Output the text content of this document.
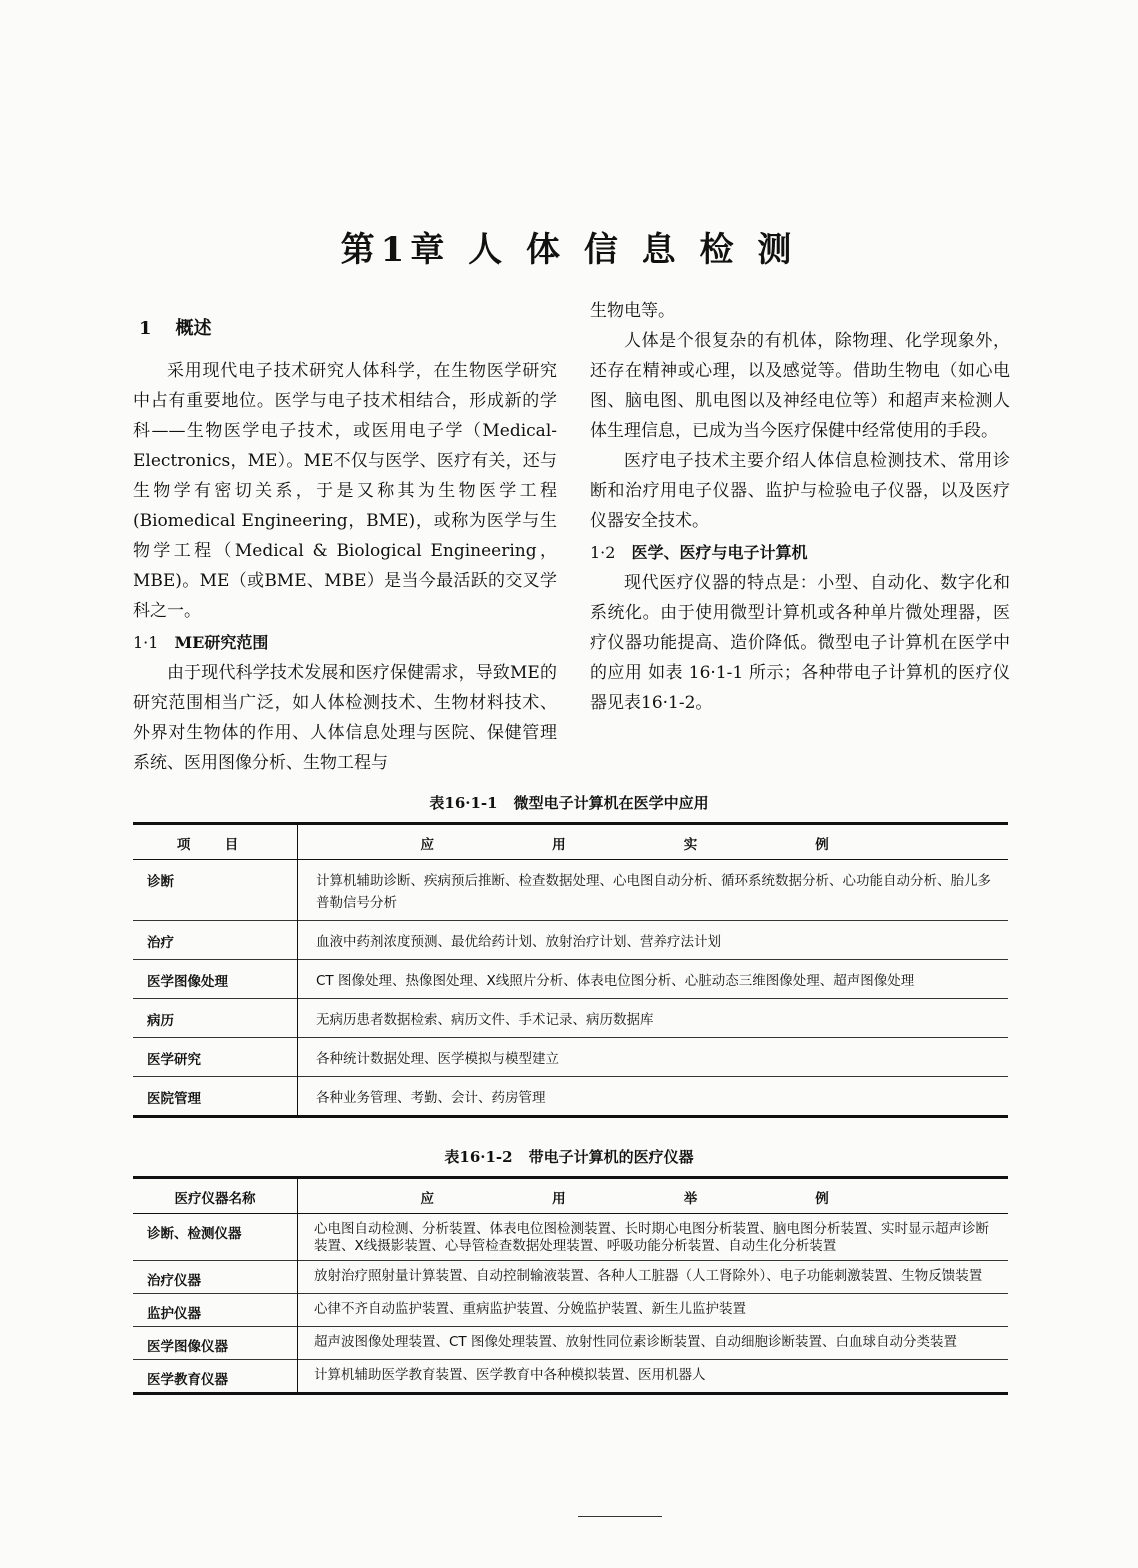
第1章 人 体 信 息 检 测
1 概述

采用现代电子技术研究人体科学，在生物医学研究中占有重要地位。医学与电子技术相结合，形成新的学科——生物医学电子技术，或医用电子学（Medical-Electronics，ME）。ME不仅与医学、医疗有关，还与生物学有密切关系，于是又称其为生物医学工程(Biomedical Engineering，BME)，或称为医学与生物学工程（Medical & Biological Engineering，MBE)。ME（或BME、MBE）是当今最活跃的交叉学科之一。

1·1 ME研究范围

由于现代科学技术发展和医疗保健需求，导致ME的研究范围相当广泛，如人体检测技术、生物材料技术、外界对生物体的作用、人体信息处理与医院、保健管理系统、医用图像分析、生物工程与

生物电等。

人体是个很复杂的有机体，除物理、化学现象外，还存在精神或心理，以及感觉等。借助生物电（如心电图、脑电图、肌电图以及神经电位等）和超声来检测人体生理信息，已成为当今医疗保健中经常使用的手段。

医疗电子技术主要介绍人体信息检测技术、常用诊断和治疗用电子仪器、监护与检验电子仪器，以及医疗仪器安全技术。

1·2 医学、医疗与电子计算机

现代医疗仪器的特点是：小型、自动化、数字化和系统化。由于使用微型计算机或各种单片微处理器，医疗仪器功能提高、造价降低。微型电子计算机在医学中的应用 如表 16·1-1 所示；各种带电子计算机的医疗仪器见表16·1-2。

表16·1-1 微型电子计算机在医学中应用
项 目	应 用 实 例
诊断	计算机辅助诊断、疾病预后推断、检查数据处理、心电图自动分析、循环系统数据分析、心功能自动分析、胎儿多普勒信号分析
治疗	血液中药剂浓度预测、最优给药计划、放射治疗计划、营养疗法计划
医学图像处理	CT 图像处理、热像图处理、X线照片分析、体表电位图分析、心脏动态三维图像处理、超声图像处理
病历	无病历患者数据检索、病历文件、手术记录、病历数据库
医学研究	各种统计数据处理、医学模拟与模型建立
医院管理	各种业务管理、考勤、会计、药房管理
表16·1-2 带电子计算机的医疗仪器
医疗仪器名称	应 用 举 例
诊断、检测仪器	心电图自动检测、分析装置、体表电位图检测装置、长时期心电图分析装置、脑电图分析装置、实时显示超声诊断装置、X线摄影装置、心导管检查数据处理装置、呼吸功能分析装置、自动生化分析装置
治疗仪器	放射治疗照射量计算装置、自动控制输液装置、各种人工脏器（人工肾除外）、电子功能刺激装置、生物反馈装置
监护仪器	心律不齐自动监护装置、重病监护装置、分娩监护装置、新生儿监护装置
医学图像仪器	超声波图像处理装置、CT 图像处理装置、放射性同位素诊断装置、自动细胞诊断装置、白血球自动分类装置
医学教育仪器	计算机辅助医学教育装置、医学教育中各种模拟装置、医用机器人
